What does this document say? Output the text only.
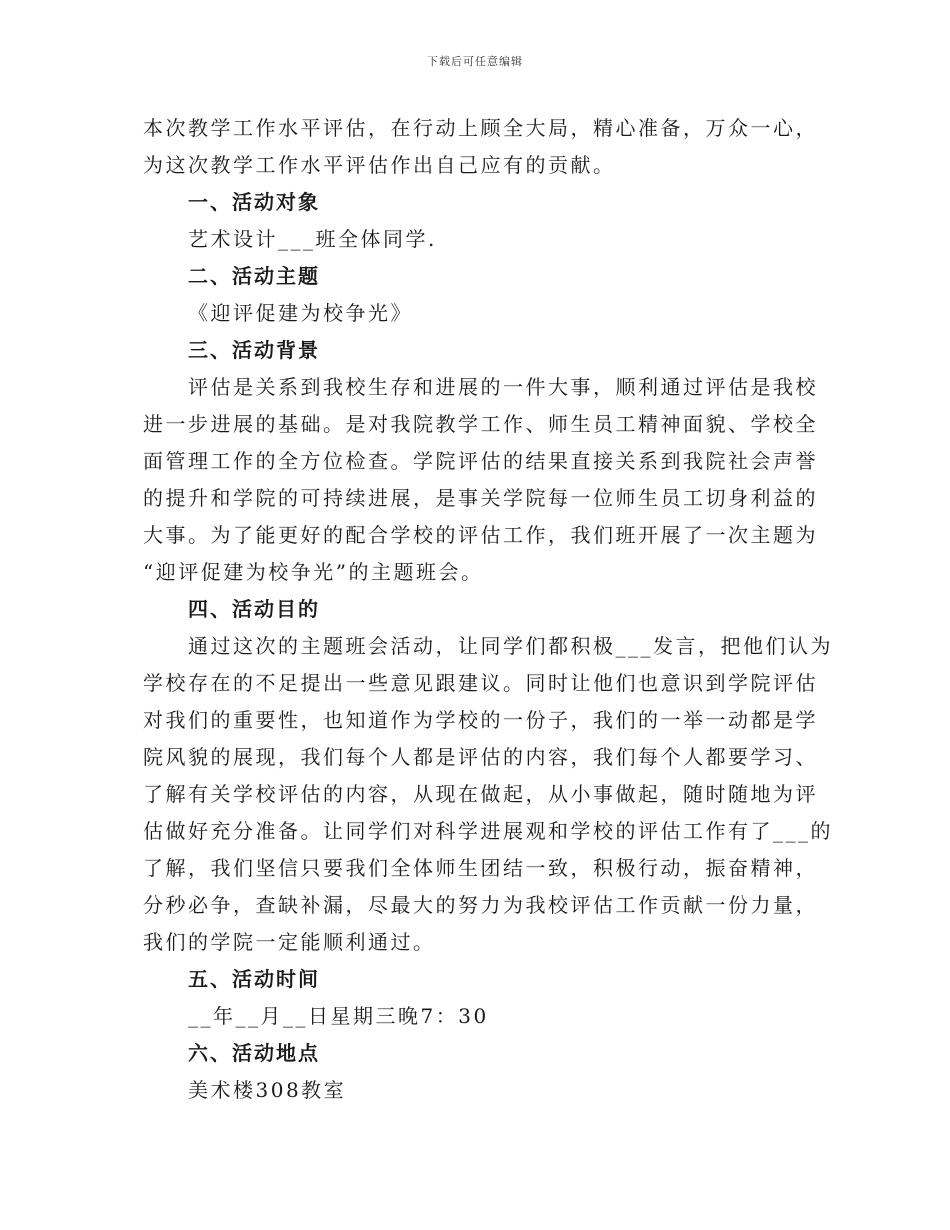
下载后可任意编辑
本次教学工作水平评估，在行动上顾全大局，精心准备，万众一心，
为这次教学工作水平评估作出自己应有的贡献。
一、活动对象
艺术设计___班全体同学.
二、活动主题
《迎评促建为校争光》
三、活动背景
评估是关系到我校生存和进展的一件大事，顺利通过评估是我校
进一步进展的基础。是对我院教学工作、师生员工精神面貌、学校全
面管理工作的全方位检查。学院评估的结果直接关系到我院社会声誉
的提升和学院的可持续进展，是事关学院每一位师生员工切身利益的
大事。为了能更好的配合学校的评估工作，我们班开展了一次主题为
“迎评促建为校争光”的主题班会。
四、活动目的
通过这次的主题班会活动，让同学们都积极___发言，把他们认为
学校存在的不足提出一些意见跟建议。同时让他们也意识到学院评估
对我们的重要性，也知道作为学校的一份子，我们的一举一动都是学
院风貌的展现，我们每个人都是评估的内容，我们每个人都要学习、
了解有关学校评估的内容，从现在做起，从小事做起，随时随地为评
估做好充分准备。让同学们对科学进展观和学校的评估工作有了___的
了解，我们坚信只要我们全体师生团结一致，积极行动，振奋精神，
分秒必争，查缺补漏，尽最大的努力为我校评估工作贡献一份力量，
我们的学院一定能顺利通过。
五、活动时间
__年__月__日星期三晚7：30
六、活动地点
美术楼308教室
